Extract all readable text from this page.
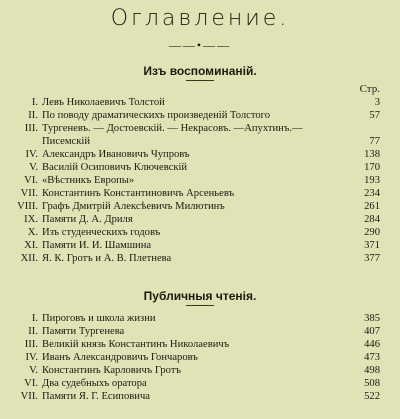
Оглавление.
——•——
Изъ воспоминаній.
Стр.
I. Левъ Николаевичъ Толстой	3
II. По поводу драматическихъ произведеній Толстого	57
III. Тургеневъ. — Достоевскій. — Некрасовъ. —Апухтинъ.—
Писемскій	77
IV. Александръ Ивановичъ Чупровъ	138
V. Василій Осиповичъ Ключевскій	170
VI. «Вѣстникъ Европы»	193
VII. Константинъ Константиновичъ Арсеньевъ	234
VIII. Графъ Дмитрій Алексѣевичъ Милютинъ	261
IX. Памяти Д. А. Дриля	284
X. Изъ студенческихъ годовъ	290
XI. Памяти И. И. Шамшина	371
XII. Я. К. Гротъ и А. В. Плетнева	377
Публичныя чтенія.
I. Пироговъ и школа жизни	385
II. Памяти Тургенева	407
III. Великій князь Константинъ Николаевичъ	446
IV. Иванъ Александровичъ Гончаровъ	473
V. Константинъ Карловичъ Гротъ	498
VI. Два судебныхъ оратора	508
VII. Памяти Я. Г. Есиповича	522
